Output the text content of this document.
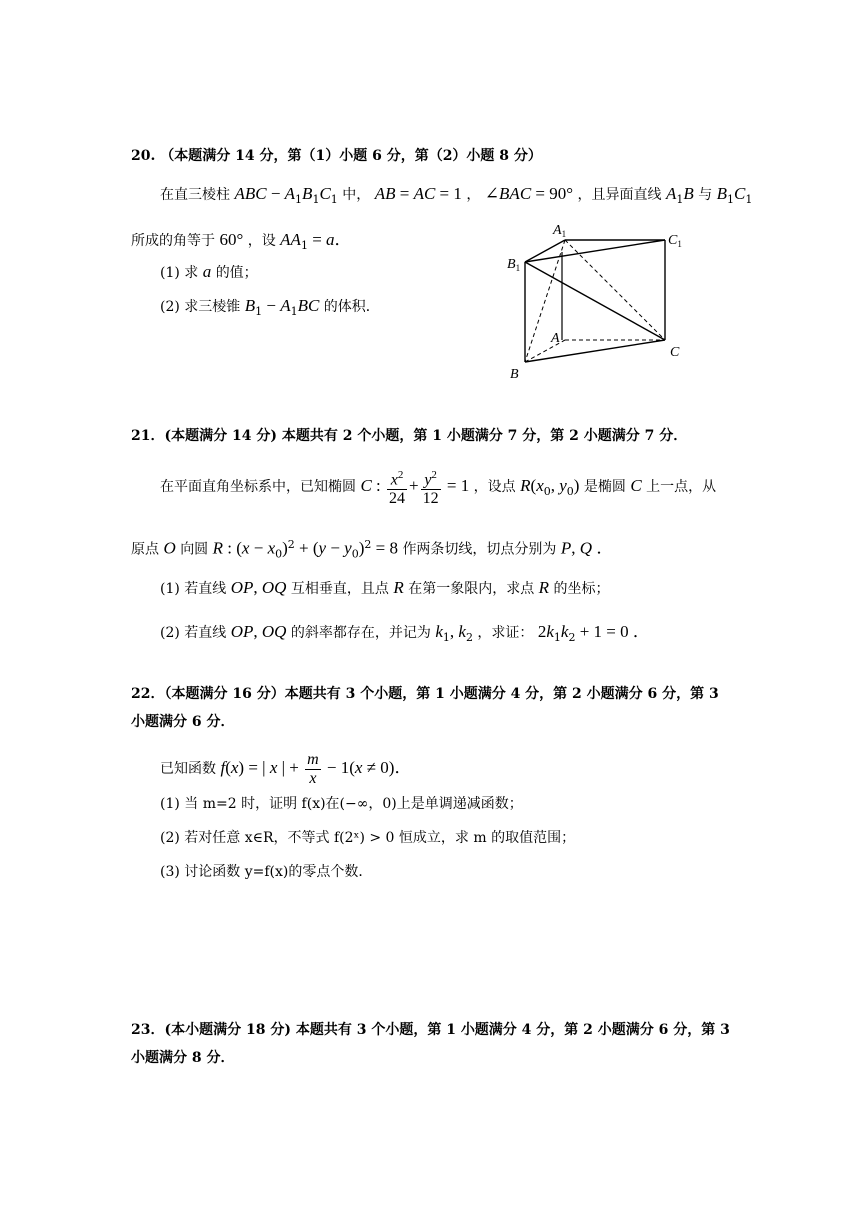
20. （本题满分 14 分，第（1）小题 6 分，第（2）小题 8 分）
在直三棱柱 ABC − $A_1B_1C_1$ 中， AB = AC = 1 ， ∠BAC = 90° ，且异面直线 $A_1B$ 与 $B_1C_1$
所成的角等于 60° ，设 $AA_1 = a$．
(1) 求 a 的值；
(2) 求三棱锥 $B_1 - A_1BC$ 的体积．
$A_1$	$C_1$
$B_1$
A
C
B
21．(本题满分 14 分) 本题共有 2 个小题，第 1 小题满分 7 分，第 2 小题满分 7 分．
在平面直角坐标系中，已知椭圆 C : $\frac{x^2}{24} + \frac{y^2}{12} = 1$ ，设点 $R(x_0$, $y_0$) 是椭圆 C 上一点，从
原点 O 向圆 R : $(x - x_0)^2 + (y - y_0)^2 = 8$ 作两条切线，切点分别为 P, Q ．
(1) 若直线 OP, OQ 互相垂直，且点 R 在第一象限内，求点 R 的坐标；
(2) 若直线 OP, OQ 的斜率都存在，并记为 $k_1$, $k_2$ ，求证： $2k_1k_2 + 1 = 0$ ．
22．（本题满分 16 分）本题共有 3 个小题，第 1 小题满分 4 分，第 2 小题满分 6 分，第 3
小题满分 6 分．
已知函数 f(x) = | x | + $\frac{m}{x} - 1(x \ne 0)$．
(1) 当 m=2 时，证明 f(x)在(−∞，0)上是单调递减函数；
(2) 若对任意 x∈R，不等式 f(2ˣ) > 0 恒成立，求 m 的取值范围；
(3) 讨论函数 y=f(x)的零点个数．
23．(本小题满分 18 分) 本题共有 3 个小题，第 1 小题满分 4 分，第 2 小题满分 6 分，第 3
小题满分 8 分．
